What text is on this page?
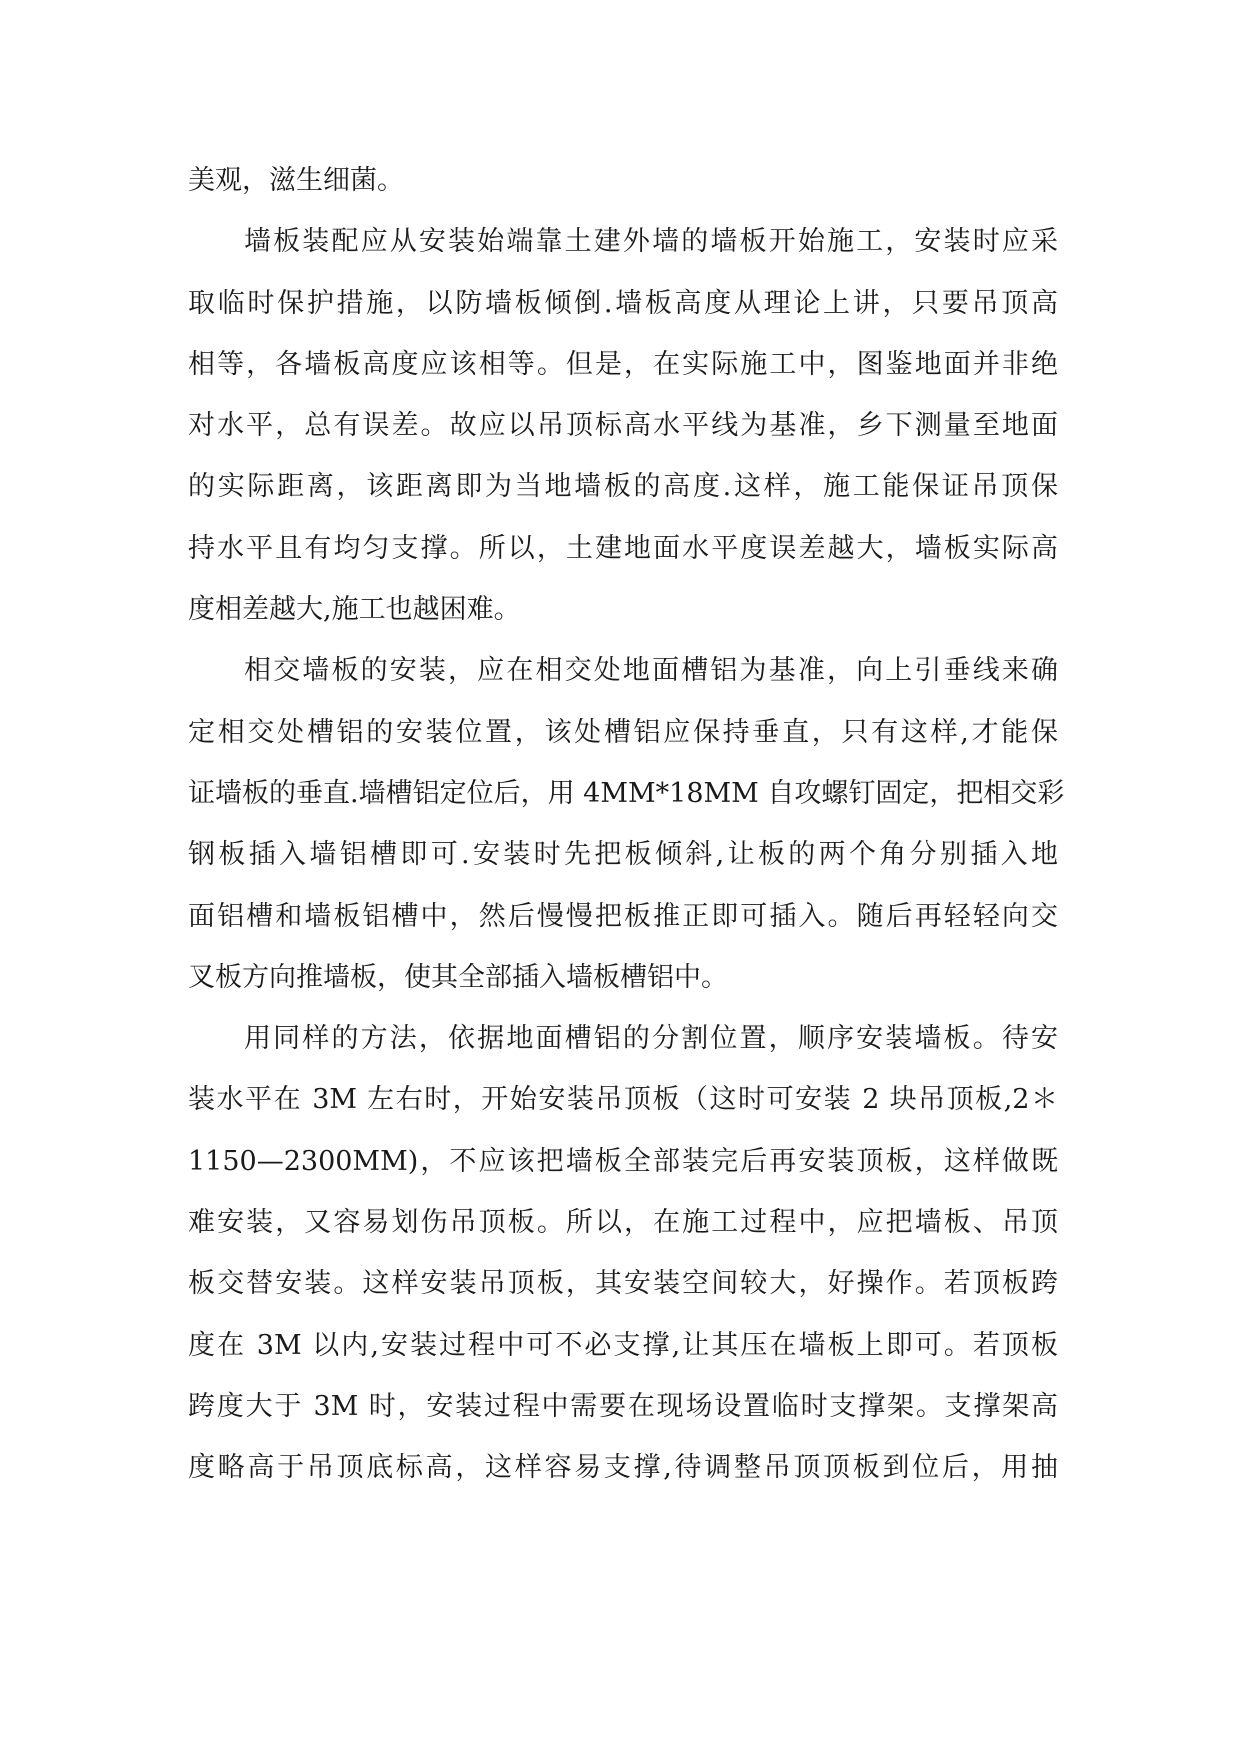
美观，滋生细菌。
墙板装配应从安装始端靠土建外墙的墙板开始施工，安装时应采
取临时保护措施，以防墙板倾倒.墙板高度从理论上讲，只要吊顶高
相等，各墙板高度应该相等。但是，在实际施工中，图鉴地面并非绝
对水平，总有误差。故应以吊顶标高水平线为基准，乡下测量至地面
的实际距离，该距离即为当地墙板的高度.这样，施工能保证吊顶保
持水平且有均匀支撑。所以，土建地面水平度误差越大，墙板实际高
度相差越大,施工也越困难。
相交墙板的安装，应在相交处地面槽铝为基准，向上引垂线来确
定相交处槽铝的安装位置，该处槽铝应保持垂直，只有这样,才能保
证墙板的垂直.墙槽铝定位后，用 4MM*18MM 自攻螺钉固定，把相交彩
钢板插入墙铝槽即可.安装时先把板倾斜,让板的两个角分别插入地
面铝槽和墙板铝槽中，然后慢慢把板推正即可插入。随后再轻轻向交
叉板方向推墙板，使其全部插入墙板槽铝中。
用同样的方法，依据地面槽铝的分割位置，顺序安装墙板。待安
装水平在 3M 左右时，开始安装吊顶板（这时可安装 2 块吊顶板,2＊
1150—2300MM)，不应该把墙板全部装完后再安装顶板，这样做既
难安装，又容易划伤吊顶板。所以，在施工过程中，应把墙板、吊顶
板交替安装。这样安装吊顶板，其安装空间较大，好操作。若顶板跨
度在 3M 以内,安装过程中可不必支撑,让其压在墙板上即可。若顶板
跨度大于 3M 时，安装过程中需要在现场设置临时支撑架。支撑架高
度略高于吊顶底标高，这样容易支撑,待调整吊顶顶板到位后，用抽
